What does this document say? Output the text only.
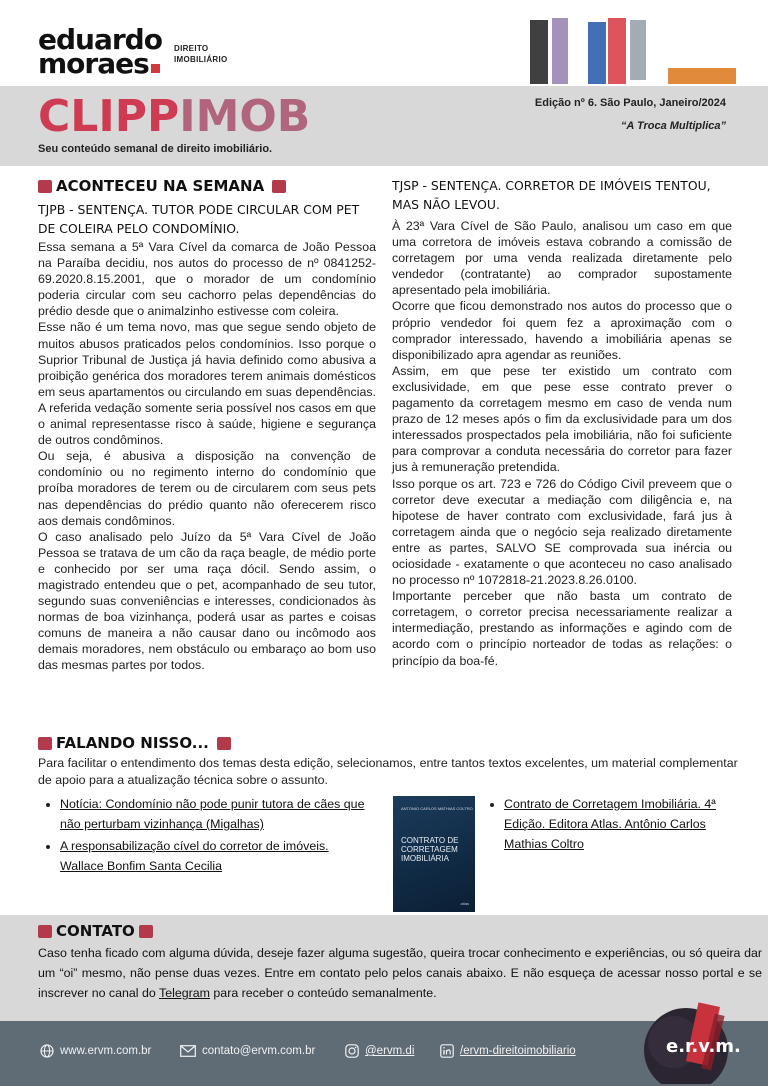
eduardo
moraes	DIREITO
IMOBILIÁRIO
CLIPPIMOB
Seu conteúdo semanal de direito imobiliário.
Edição nº 6. São Paulo, Janeiro/2024
“A Troca Multiplica”
ACONTECEU NA SEMANA
TJPB - SENTENÇA. TUTOR PODE CIRCULAR COM PET DE COLEIRA PELO CONDOMÍNIO.

Essa semana a 5ª Vara Cível da comarca de João Pessoa na Paraíba decidiu, nos autos do processo de nº 0841252-69.2020.8.15.2001, que o morador de um condomínio poderia circular com seu cachorro pelas dependências do prédio desde que o animalzinho estivesse com coleira.

Esse não é um tema novo, mas que segue sendo objeto de muitos abusos praticados pelos condomínios. Isso porque o Suprior Tribunal de Justiça já havia definido como abusiva a proibição genérica dos moradores terem animais domésticos em seus apartamentos ou circulando em suas dependências. A referida vedação somente seria possível nos casos em que o animal representasse risco à saúde, higiene e segurança de outros condôminos.

Ou seja, é abusiva a disposição na convenção de condomínio ou no regimento interno do condomínio que proíba moradores de terem ou de circularem com seus pets nas dependências do prédio quanto não oferecerem risco aos demais condôminos.

O caso analisado pelo Juízo da 5ª Vara Cível de João Pessoa se tratava de um cão da raça beagle, de médio porte e conhecido por ser uma raça dócil. Sendo assim, o magistrado entendeu que o pet, acompanhado de seu tutor, segundo suas conveniências e interesses, condicionados às normas de boa vizinhança, poderá usar as partes e coisas comuns de maneira a não causar dano ou incômodo aos demais moradores, nem obstáculo ou embaraço ao bom uso das mesmas partes por todos.

TJSP - SENTENÇA. CORRETOR DE IMÓVEIS TENTOU, MAS NÃO LEVOU.

À 23ª Vara Cível de São Paulo, analisou um caso em que uma corretora de imóveis estava cobrando a comissão de corretagem por uma venda realizada diretamente pelo vendedor (contratante) ao comprador supostamente apresentado pela imobiliária.

Ocorre que ficou demonstrado nos autos do processo que o próprio vendedor foi quem fez a aproximação com o comprador interessado, havendo a imobiliária apenas se disponibilizado apra agendar as reuniões.

Assim, em que pese ter existido um contrato com exclusividade, em que pese esse contrato prever o pagamento da corretagem mesmo em caso de venda num prazo de 12 meses após o fim da exclusividade para um dos interessados prospectados pela imobiliária, não foi suficiente para comprovar a conduta necessária do corretor para fazer jus à remuneração pretendida.

Isso porque os art. 723 e 726 do Código Civil preveem que o corretor deve executar a mediação com diligência e, na hipotese de haver contrato com exclusividade, fará jus à corretagem ainda que o negócio seja realizado diretamente entre as partes, SALVO SE comprovada sua inércia ou ociosidade - exatamente o que aconteceu no caso analisado no processo nº 1072818-21.2023.8.26.0100.

Importante perceber que não basta um contrato de corretagem, o corretor precisa necessariamente realizar a intermediação, prestando as informações e agindo com de acordo com o princípio norteador de todas as relações: o princípio da boa-fé.

FALANDO NISSO...
Para facilitar o entendimento dos temas desta edição, selecionamos, entre tantos textos excelentes, um material complementar de apoio para a atualização técnica sobre o assunto.
• Notícia: Condomínio não pode punir tutora de cães que não perturbam vizinhança (Migalhas)
• A responsabilização cível do corretor de imóveis. Wallace Bonfim Santa Cecilia
ANTONIO CARLOS MATHIAS COLTRO
CONTRATO DE
CORRETAGEM
IMOBILIÁRIA
atlas
• Contrato de Corretagem Imobiliária. 4ª Edição. Editora Atlas. Antônio Carlos Mathias Coltro
CONTATO
Caso tenha ficado com alguma dúvida, deseje fazer alguma sugestão, queira trocar conhecimento e experiências, ou só queira dar um “oi” mesmo, não pense duas vezes. Entre em contato pelo pelos canais abaixo. E não esqueça de acessar nosso portal e se inscrever no canal do Telegram para receber o conteúdo semanalmente.
www.ervm.com.br	contato@ervm.com.br	@ervm.di	/ervm-direitoimobiliario	e.r.v.m.
